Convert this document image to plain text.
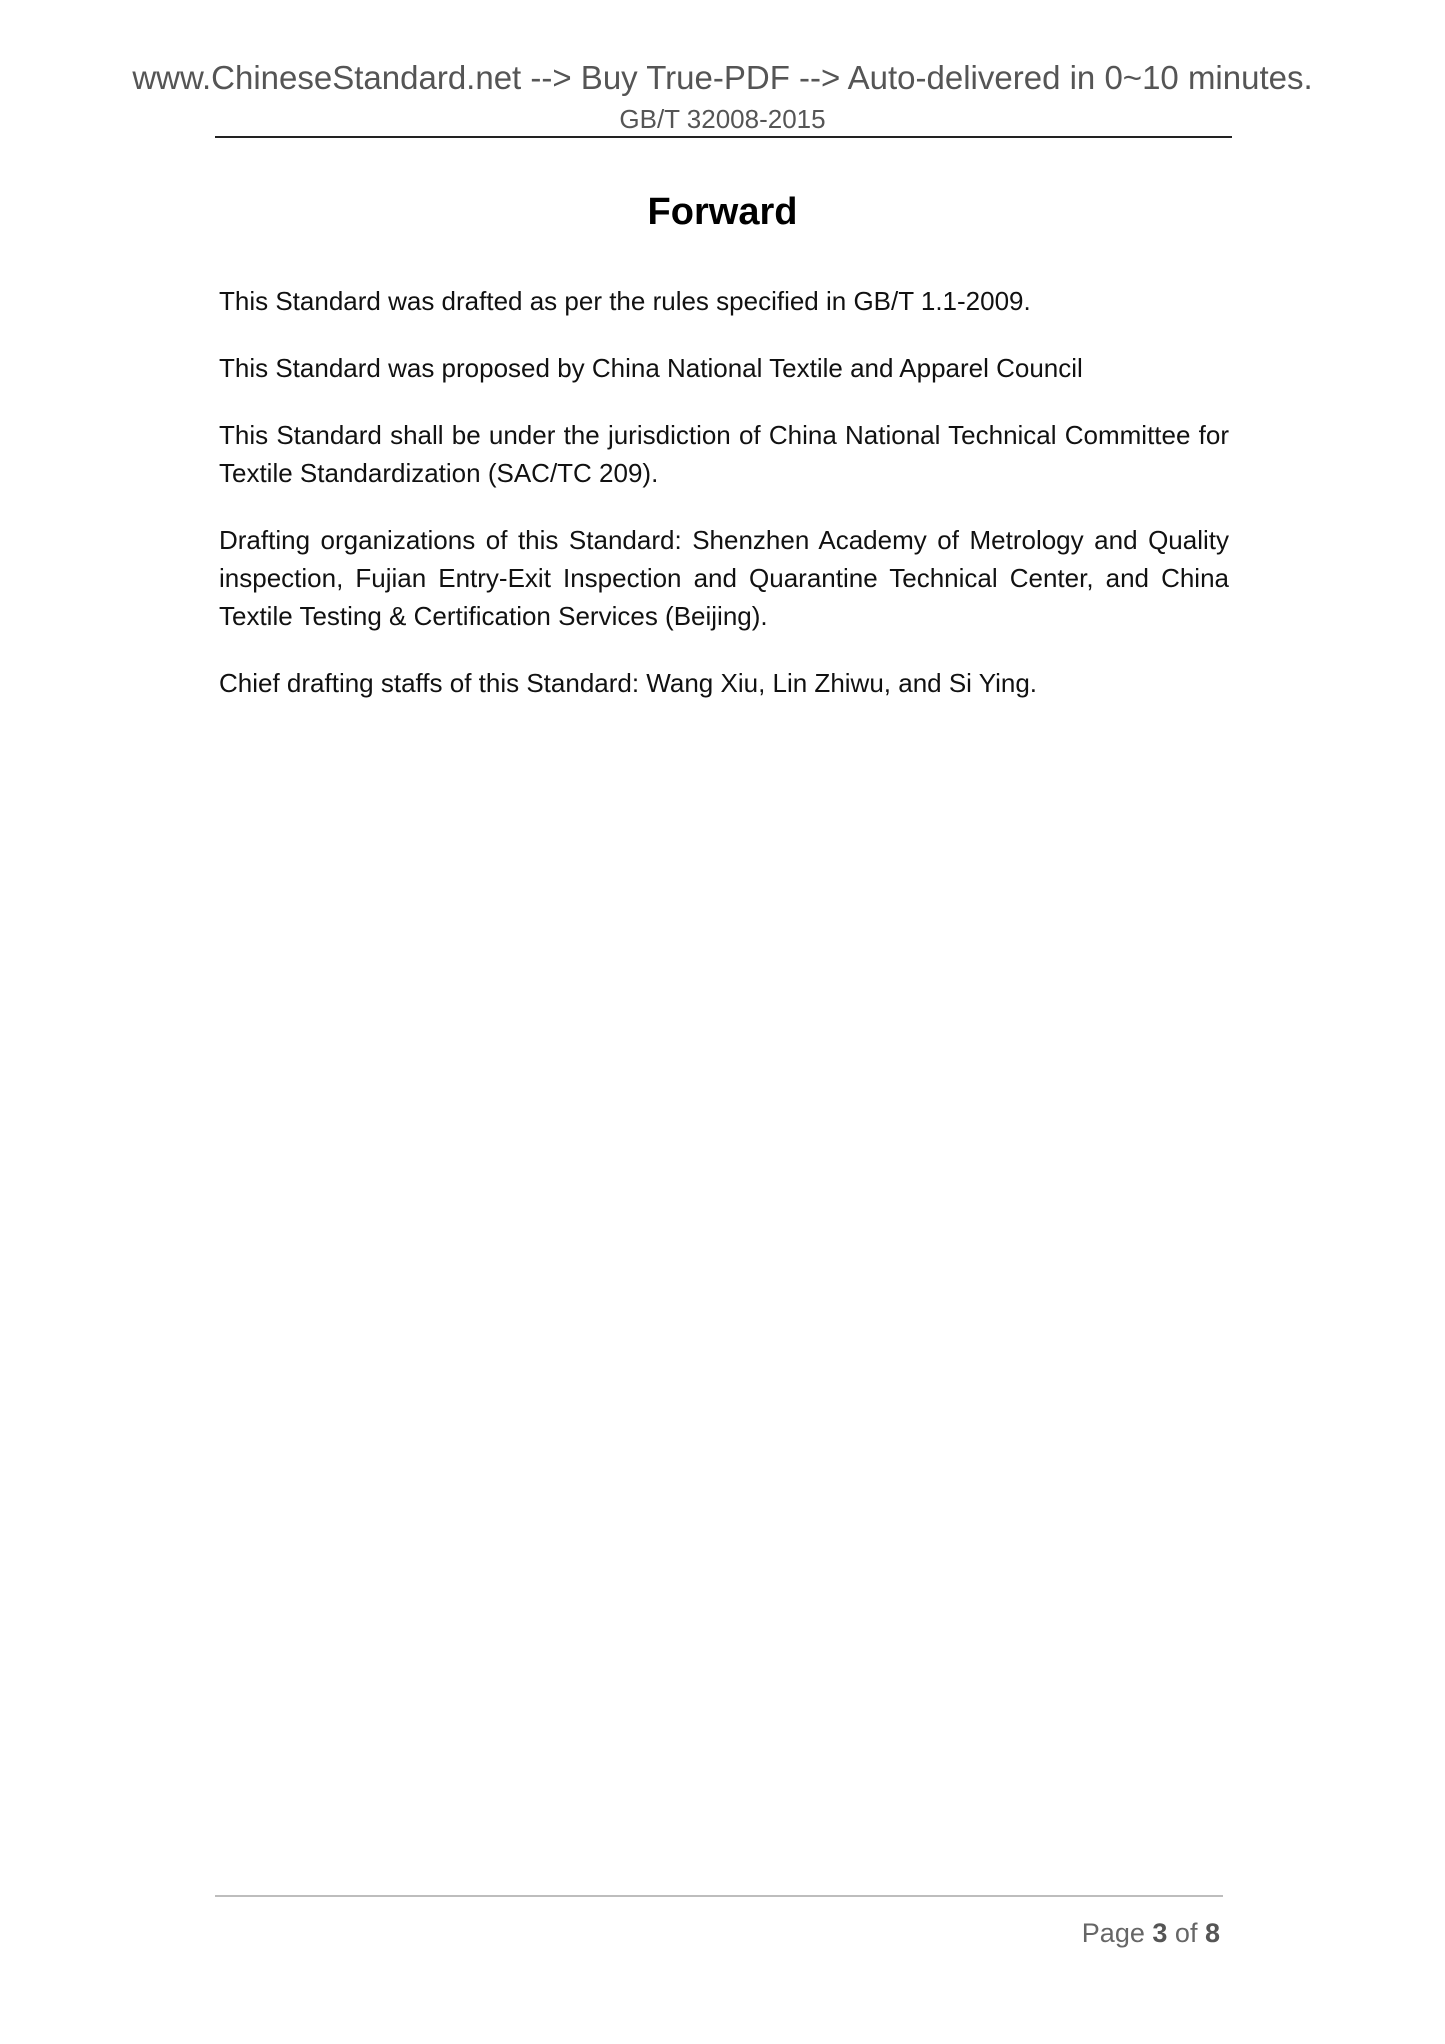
www.ChineseStandard.net --> Buy True-PDF --> Auto-delivered in 0~10 minutes.
GB/T 32008-2015
Forward

This Standard was drafted as per the rules specified in GB/T 1.1-2009.

This Standard was proposed by China National Textile and Apparel Council

This Standard shall be under the jurisdiction of China National Technical Committee for Textile Standardization (SAC/TC 209).

Drafting organizations of this Standard: Shenzhen Academy of Metrology and Quality inspection, Fujian Entry-Exit Inspection and Quarantine Technical Center, and China Textile Testing & Certification Services (Beijing).

Chief drafting staffs of this Standard: Wang Xiu, Lin Zhiwu, and Si Ying.

Page 3 of 8
